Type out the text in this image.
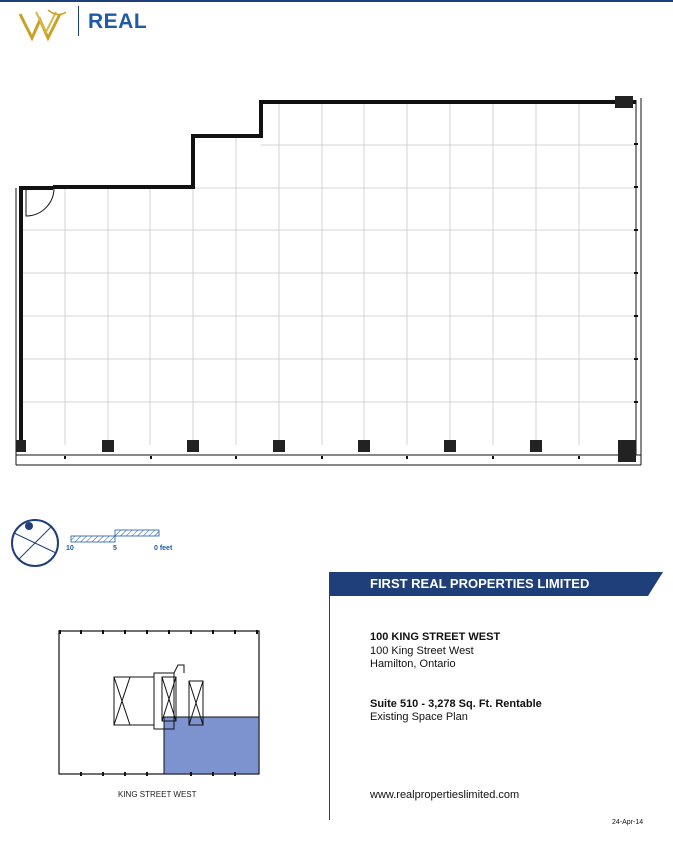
REAL
10	5	0 feet
KING STREET WEST
FIRST REAL PROPERTIES LIMITED
100 KING STREET WEST
100 King Street West
Hamilton, Ontario
Suite 510 - 3,278 Sq. Ft. Rentable
Existing Space Plan
www.realpropertieslimited.com
24-Apr-14
